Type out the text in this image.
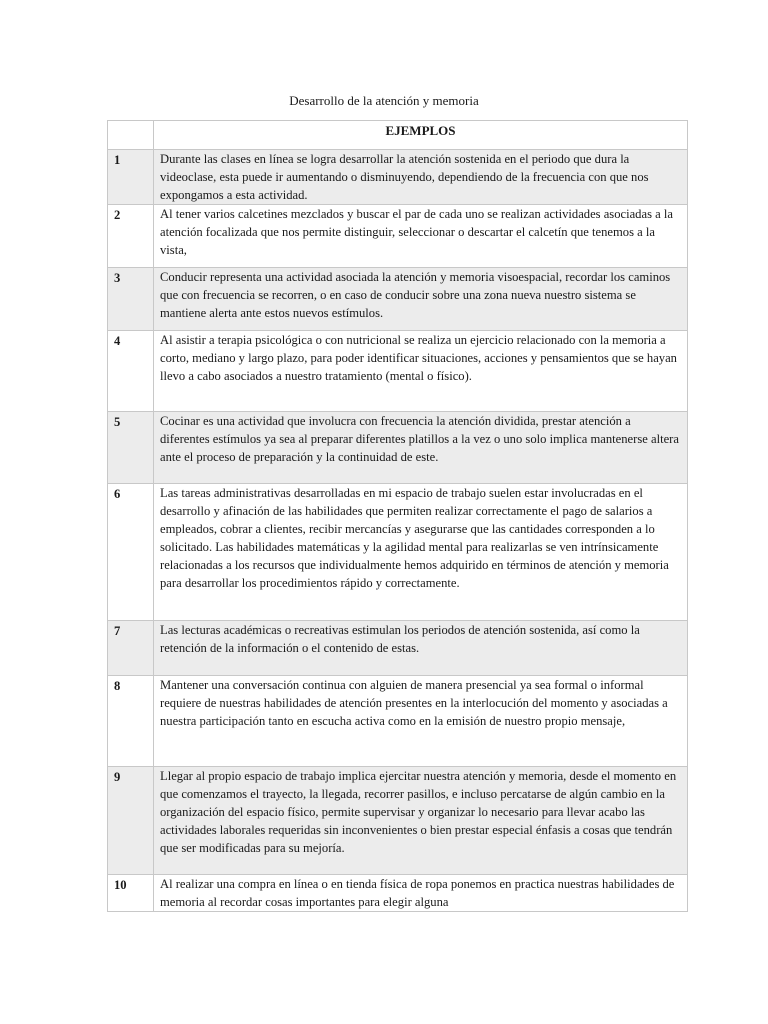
Desarrollo de la atención y memoria
	EJEMPLOS
1	Durante las clases en línea se logra desarrollar la atención sostenida en el periodo que dura la videoclase, esta puede ir aumentando o disminuyendo, dependiendo de la frecuencia con que nos expongamos a esta actividad.
2	Al tener varios calcetines mezclados y buscar el par de cada uno se realizan actividades asociadas a la atención focalizada que nos permite distinguir, seleccionar o descartar el calcetín que tenemos a la vista,
3	Conducir representa una actividad asociada la atención y memoria visoespacial, recordar los caminos que con frecuencia se recorren, o en caso de conducir sobre una zona nueva nuestro sistema se mantiene alerta ante estos nuevos estímulos.
4	Al asistir a terapia psicológica o con nutricional se realiza un ejercicio relacionado con la memoria a corto, mediano y largo plazo, para poder identificar situaciones, acciones y pensamientos que se hayan llevo a cabo asociados a nuestro tratamiento (mental o físico).
5	Cocinar es una actividad que involucra con frecuencia la atención dividida, prestar atención a diferentes estímulos ya sea al preparar diferentes platillos a la vez o uno solo implica mantenerse altera ante el proceso de preparación y la continuidad de este.
6	Las tareas administrativas desarrolladas en mi espacio de trabajo suelen estar involucradas en el desarrollo y afinación de las habilidades que permiten realizar correctamente el pago de salarios a empleados, cobrar a clientes, recibir mercancías y asegurarse que las cantidades corresponden a lo solicitado. Las habilidades matemáticas y la agilidad mental para realizarlas se ven intrínsicamente relacionadas a los recursos que individualmente hemos adquirido en términos de atención y memoria para desarrollar los procedimientos rápido y correctamente.
7	Las lecturas académicas o recreativas estimulan los periodos de atención sostenida, así como la retención de la información o el contenido de estas.
8	Mantener una conversación continua con alguien de manera presencial ya sea formal o informal requiere de nuestras habilidades de atención presentes en la interlocución del momento y asociadas a nuestra participación tanto en escucha activa como en la emisión de nuestro propio mensaje,
9	Llegar al propio espacio de trabajo implica ejercitar nuestra atención y memoria, desde el momento en que comenzamos el trayecto, la llegada, recorrer pasillos, e incluso percatarse de algún cambio en la organización del espacio físico, permite supervisar y organizar lo necesario para llevar acabo las actividades laborales requeridas sin inconvenientes o bien prestar especial énfasis a cosas que tendrán que ser modificadas para su mejoría.
10	Al realizar una compra en línea o en tienda física de ropa ponemos en practica nuestras habilidades de memoria al recordar cosas importantes para elegir alguna
